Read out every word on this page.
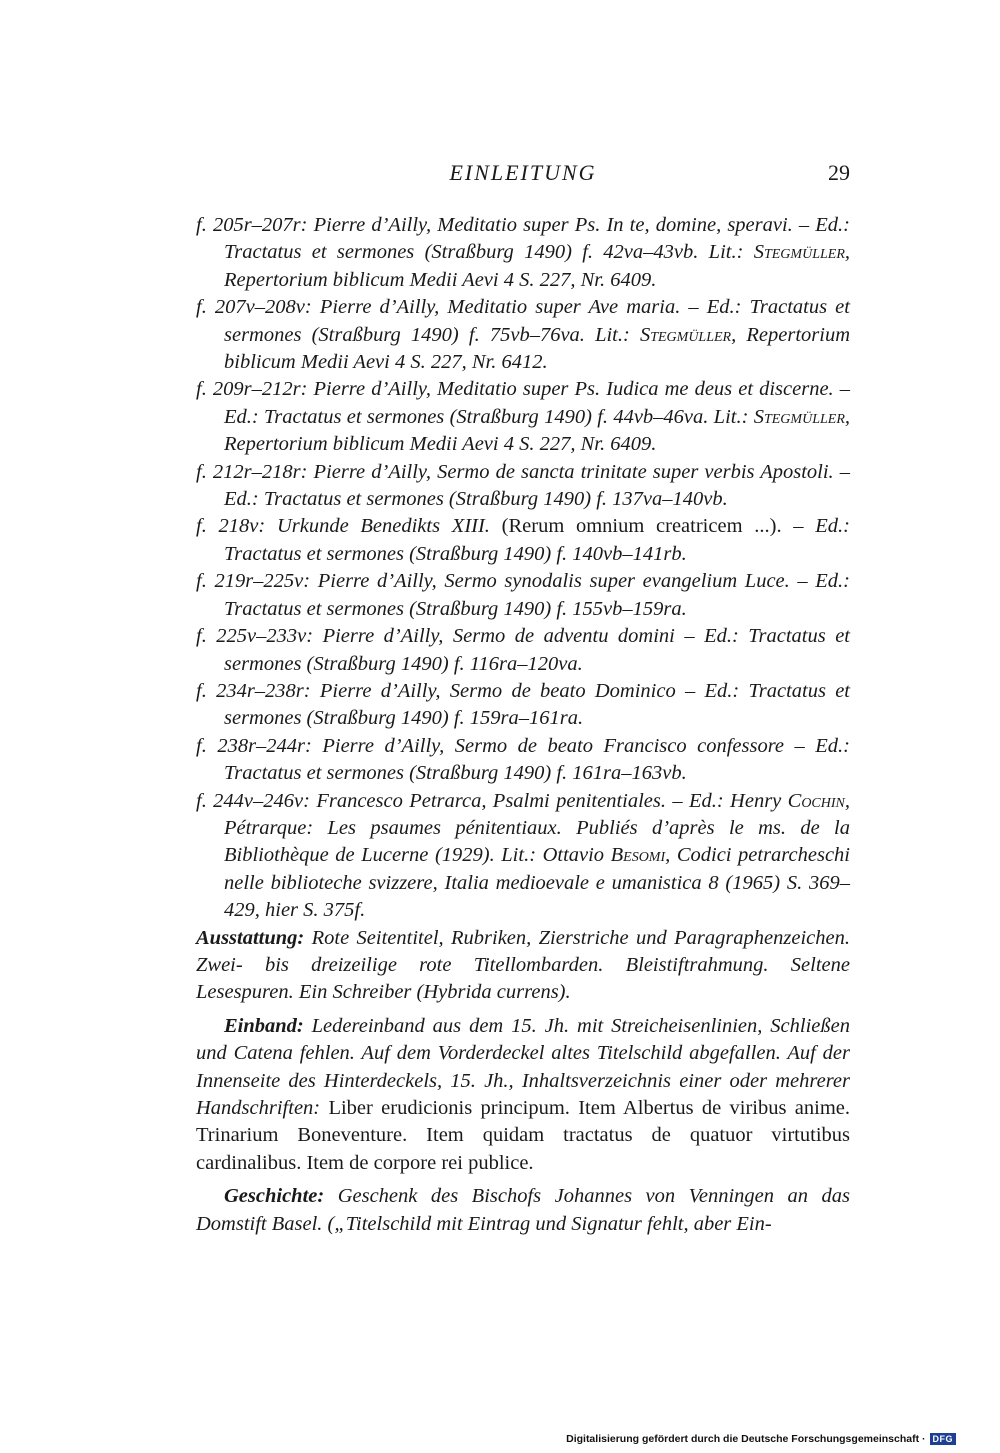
EINLEITUNG	29

f. 205r–207r: Pierre d’Ailly, Meditatio super Ps. In te, domine, speravi. – Ed.: Tractatus et sermones (Straßburg 1490) f. 42va–43vb. Lit.: Stegmüller, Repertorium biblicum Medii Aevi 4 S. 227, Nr. 6409.

f. 207v–208v: Pierre d’Ailly, Meditatio super Ave maria. – Ed.: Tractatus et sermones (Straßburg 1490) f. 75vb–76va. Lit.: Stegmüller, Repertorium biblicum Medii Aevi 4 S. 227, Nr. 6412.

f. 209r–212r: Pierre d’Ailly, Meditatio super Ps. Iudica me deus et discerne. – Ed.: Tractatus et sermones (Straßburg 1490) f. 44vb–46va. Lit.: Stegmüller, Repertorium biblicum Medii Aevi 4 S. 227, Nr. 6409.

f. 212r–218r: Pierre d’Ailly, Sermo de sancta trinitate super verbis Apostoli. – Ed.: Tractatus et sermones (Straßburg 1490) f. 137va–140vb.

f. 218v: Urkunde Benedikts XIII. (Rerum omnium creatricem ...). – Ed.: Tractatus et sermones (Straßburg 1490) f. 140vb–141rb.

f. 219r–225v: Pierre d’Ailly, Sermo synodalis super evangelium Luce. – Ed.: Tractatus et sermones (Straßburg 1490) f. 155vb–159ra.

f. 225v–233v: Pierre d’Ailly, Sermo de adventu domini – Ed.: Tractatus et sermones (Straßburg 1490) f. 116ra–120va.

f. 234r–238r: Pierre d’Ailly, Sermo de beato Dominico – Ed.: Tractatus et sermones (Straßburg 1490) f. 159ra–161ra.

f. 238r–244r: Pierre d’Ailly, Sermo de beato Francisco confessore – Ed.: Tractatus et sermones (Straßburg 1490) f. 161ra–163vb.

f. 244v–246v: Francesco Petrarca, Psalmi penitentiales. – Ed.: Henry Cochin, Pétrarque: Les psaumes pénitentiaux. Publiés d’après le ms. de la Bibliothèque de Lucerne (1929). Lit.: Ottavio Besomi, Codici petrarcheschi nelle biblioteche svizzere, Italia medioevale e umanistica 8 (1965) S. 369–429, hier S. 375f.

Ausstattung: Rote Seitentitel, Rubriken, Zierstriche und Paragraphenzeichen. Zwei- bis dreizeilige rote Titellombarden. Bleistiftrahmung. Seltene Lesespuren. Ein Schreiber (Hybrida currens).

Einband: Ledereinband aus dem 15. Jh. mit Streicheisenlinien, Schließen und Catena fehlen. Auf dem Vorderdeckel altes Titelschild abgefallen. Auf der Innenseite des Hinterdeckels, 15. Jh., Inhaltsverzeichnis einer oder mehrerer Handschriften: Liber erudicionis principum. Item Albertus de viribus anime. Trinarium Boneventure. Item quidam tractatus de quatuor virtutibus cardinalibus. Item de corpore rei publice.

Geschichte: Geschenk des Bischofs Johannes von Venningen an das Domstift Basel. („Titelschild mit Eintrag und Signatur fehlt, aber Ein-

Digitalisierung gefördert durch die Deutsche Forschungsgemeinschaft · DFG
